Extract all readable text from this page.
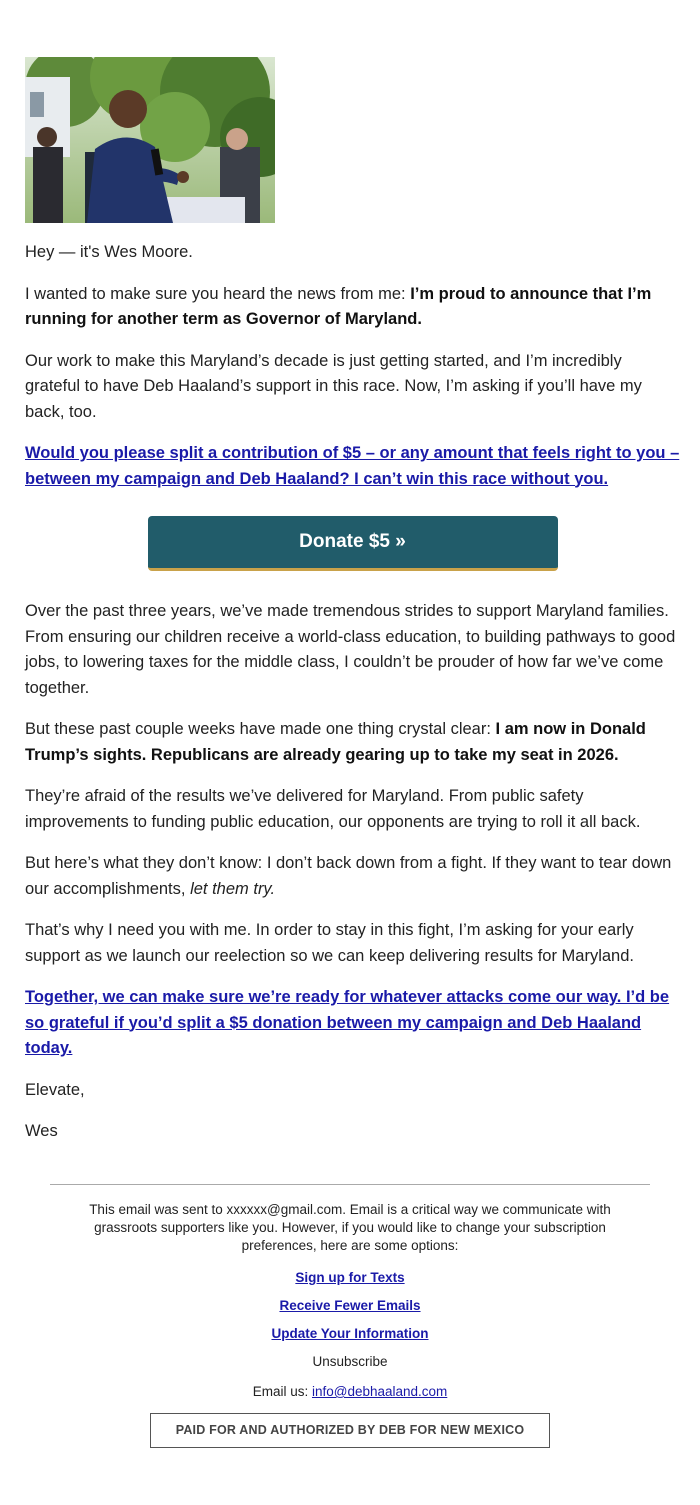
Hey — it's Wes Moore.

I wanted to make sure you heard the news from me: I’m proud to announce that I’m running for another term as Governor of Maryland.

Our work to make this Maryland’s decade is just getting started, and I’m incredibly grateful to have Deb Haaland’s support in this race. Now, I’m asking if you’ll have my back, too.

Would you please split a contribution of $5 – or any amount that feels right to you – between my campaign and Deb Haaland? I can’t win this race without you.

Donate $5 »

Over the past three years, we’ve made tremendous strides to support Maryland families. From ensuring our children receive a world-class education, to building pathways to good jobs, to lowering taxes for the middle class, I couldn’t be prouder of how far we’ve come together.

But these past couple weeks have made one thing crystal clear: I am now in Donald Trump’s sights. Republicans are already gearing up to take my seat in 2026.

They’re afraid of the results we’ve delivered for Maryland. From public safety improvements to funding public education, our opponents are trying to roll it all back.

But here’s what they don’t know: I don’t back down from a fight. If they want to tear down our accomplishments, let them try.

That’s why I need you with me. In order to stay in this fight, I’m asking for your early support as we launch our reelection so we can keep delivering results for Maryland.

Together, we can make sure we’re ready for whatever attacks come our way. I’d be so grateful if you’d split a $5 donation between my campaign and Deb Haaland today.

Elevate,

Wes

This email was sent to xxxxxx@gmail.com. Email is a critical way we communicate with grassroots supporters like you. However, if you would like to change your subscription preferences, here are some options:
Sign up for Texts
Receive Fewer Emails
Update Your Information
Unsubscribe
Email us: info@debhaaland.com
PAID FOR AND AUTHORIZED BY DEB FOR NEW MEXICO
